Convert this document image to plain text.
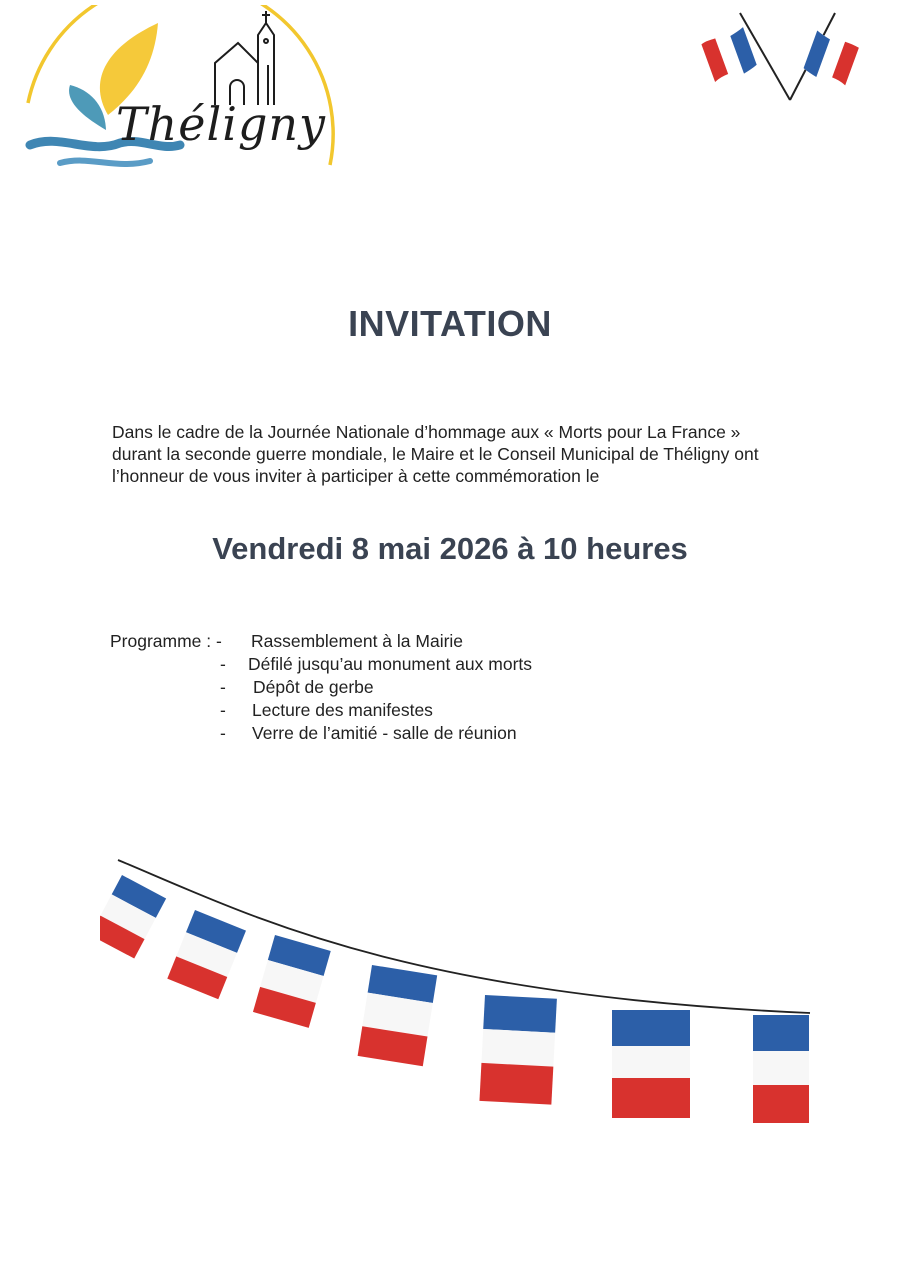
Théligny
INVITATION
Dans le cadre de la Journée Nationale d’hommage aux « Morts pour La France »
durant la seconde guerre mondiale, le Maire et le Conseil Municipal de Théligny ont
l’honneur de vous inviter à participer à cette commémoration le
Vendredi 8 mai 2026 à 10 heures
Programme : - Rassemblement à la Mairie
- Défilé jusqu’au monument aux morts
- Dépôt de gerbe
- Lecture des manifestes
- Verre de l’amitié - salle de réunion
